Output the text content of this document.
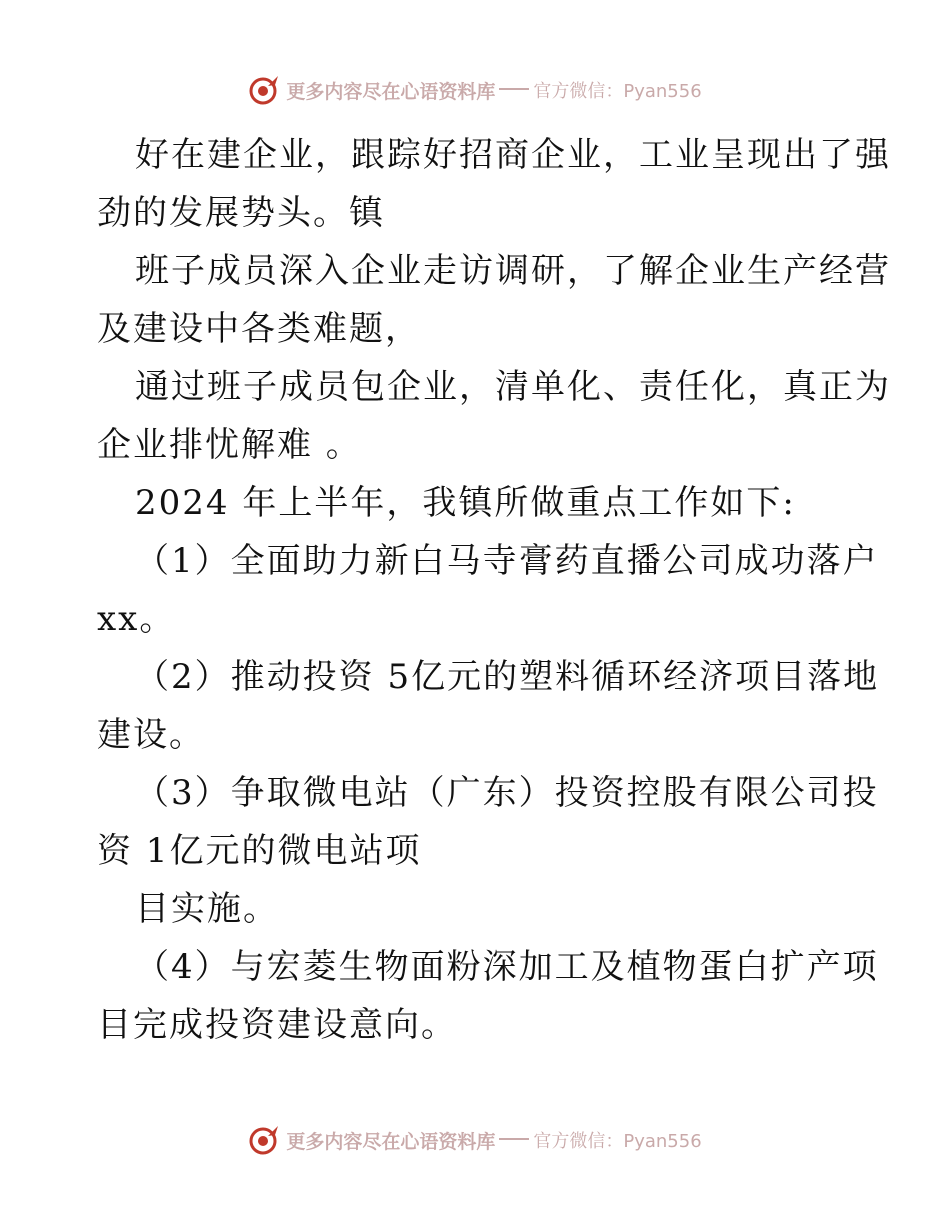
更多内容尽在心语资料库 官方微信：Pyan556

好在建企业，跟踪好招商企业，工业呈现出了强

劲的发展势头。镇

班子成员深入企业走访调研，了解企业生产经营

及建设中各类难题，

通过班子成员包企业，清单化、责任化，真正为

企业排忧解难 。

2024 年上半年，我镇所做重点工作如下:

（1）全面助力新白马寺膏药直播公司成功落户

xx。

（2）推动投资 5亿元的塑料循环经济项目落地

建设。

（3）争取微电站（广东）投资控股有限公司投

资 1亿元的微电站项

目实施。

（4）与宏菱生物面粉深加工及植物蛋白扩产项

目完成投资建设意向。

更多内容尽在心语资料库 官方微信：Pyan556
